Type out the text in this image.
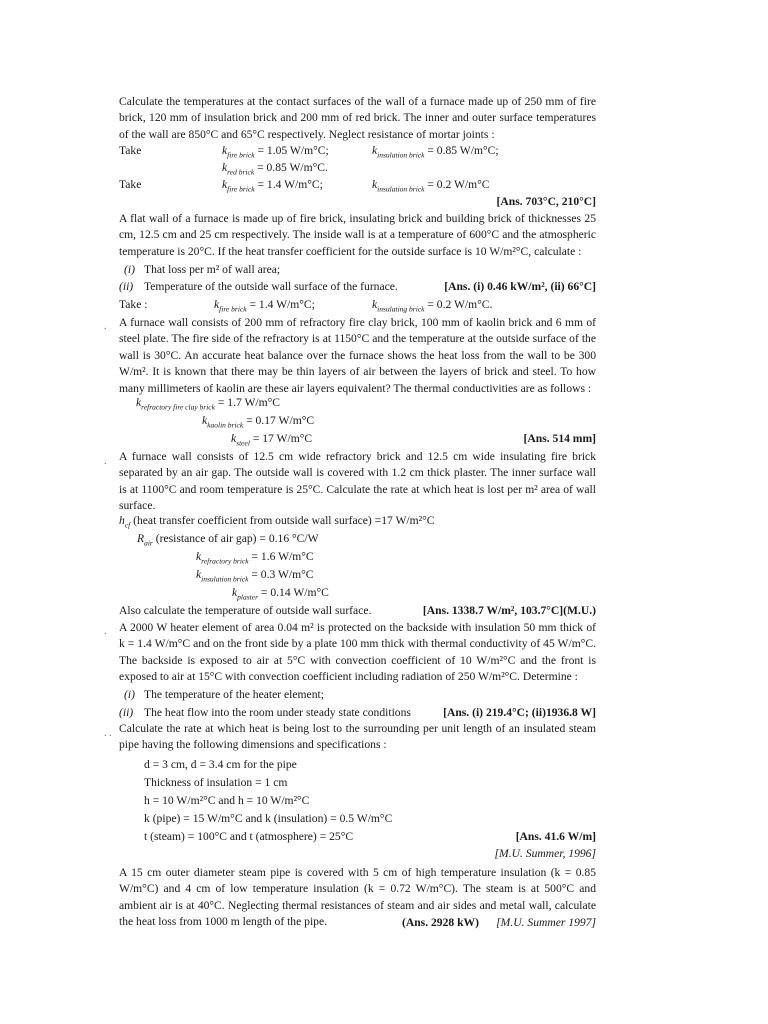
Calculate the temperatures at the contact surfaces of the wall of a furnace made up of 250 mm of fire brick, 120 mm of insulation brick and 200 mm of red brick. The inner and outer surface temperatures of the wall are 850°C and 65°C respectively. Neglect resistance of mortar joints :

Take	$k_{fire brick} = 1.05$ W/m°C;	$k_{insulation brick} = 0.85$ W/m°C;
$k_{red brick} = 0.85$ W/m°C.
Take	$k_{fire brick} = 1.4$ W/m°C;	$k_{insulation brick} = 0.2$ W/m°C
[Ans. 703°C, 210°C]

A flat wall of a furnace is made up of fire brick, insulating brick and building brick of thicknesses 25 cm, 12.5 cm and 25 cm respectively. The inside wall is at a temperature of 600°C and the atmospheric temperature is 20°C. If the heat transfer coefficient for the outside surface is 10 W/m²°C, calculate :

(i) That loss per m² of wall area;
(ii) Temperature of the outside wall surface of the furnace.	[Ans. (i) 0.46 kW/m², (ii) 66°C]
Take :	$k_{fire brick} = 1.4$ W/m°C;	$k_{insulating brick} = 0.2$ W/m°C.
. A furnace wall consists of 200 mm of refractory fire clay brick, 100 mm of kaolin brick and 6 mm of steel plate. The fire side of the refractory is at 1150°C and the temperature at the outside surface of the wall is 30°C. An accurate heat balance over the furnace shows the heat loss from the wall to be 300 W/m². It is known that there may be thin layers of air between the layers of brick and steel. To how many millimeters of kaolin are these air layers equivalent? The thermal conductivities are as follows :

$k_{refractory fire clay brick} = 1.7$ W/m°C
$k_{kaolin brick} = 0.17$ W/m°C
$k_{steel} = 17$ W/m°C	[Ans. 514 mm]
. A furnace wall consists of 12.5 cm wide refractory brick and 12.5 cm wide insulating fire brick separated by an air gap. The outside wall is covered with 1.2 cm thick plaster. The inner surface wall is at 1100°C and room temperature is 25°C. Calculate the rate at which heat is lost per m² area of wall surface.

$h_{cf}$ (heat transfer coefficient from outside wall surface) =17 W/m²°C
$R_{air}$ (resistance of air gap) = 0.16 °C/W
$k_{refractory brick} = 1.6$ W/m°C
$k_{insulation brick} = 0.3$ W/m°C
$k_{plaster} = 0.14$ W/m°C
Also calculate the temperature of outside wall surface.	[Ans. 1338.7 W/m², 103.7°C](M.U.)
. A 2000 W heater element of area 0.04 m² is protected on the backside with insulation 50 mm thick of k = 1.4 W/m°C and on the front side by a plate 100 mm thick with thermal conductivity of 45 W/m°C. The backside is exposed to air at 5°C with convection coefficient of 10 W/m²°C and the front is exposed to air at 15°C with convection coefficient including radiation of 250 W/m²°C. Determine :

(i) The temperature of the heater element;
(ii) The heat flow into the room under steady state conditions	[Ans. (i) 219.4°C; (ii)1936.8 W]
. . Calculate the rate at which heat is being lost to the surrounding per unit length of an insulated steam pipe having the following dimensions and specifications :

d = 3 cm, d = 3.4 cm for the pipe
Thickness of insulation = 1 cm
h = 10 W/m²°C and h = 10 W/m²°C
k (pipe) = 15 W/m°C and k (insulation) = 0.5 W/m°C
t (steam) = 100°C and t (atmosphere) = 25°C	[Ans. 41.6 W/m]
[M.U. Summer, 1996]

A 15 cm outer diameter steam pipe is covered with 5 cm of high temperature insulation (k = 0.85 W/m°C) and 4 cm of low temperature insulation (k = 0.72 W/m°C). The steam is at 500°C and ambient air is at 40°C. Neglecting thermal resistances of steam and air sides and metal wall, calculate the heat loss from 1000 m length of the pipe.	(Ans. 2928 kW) [M.U. Summer 1997]
